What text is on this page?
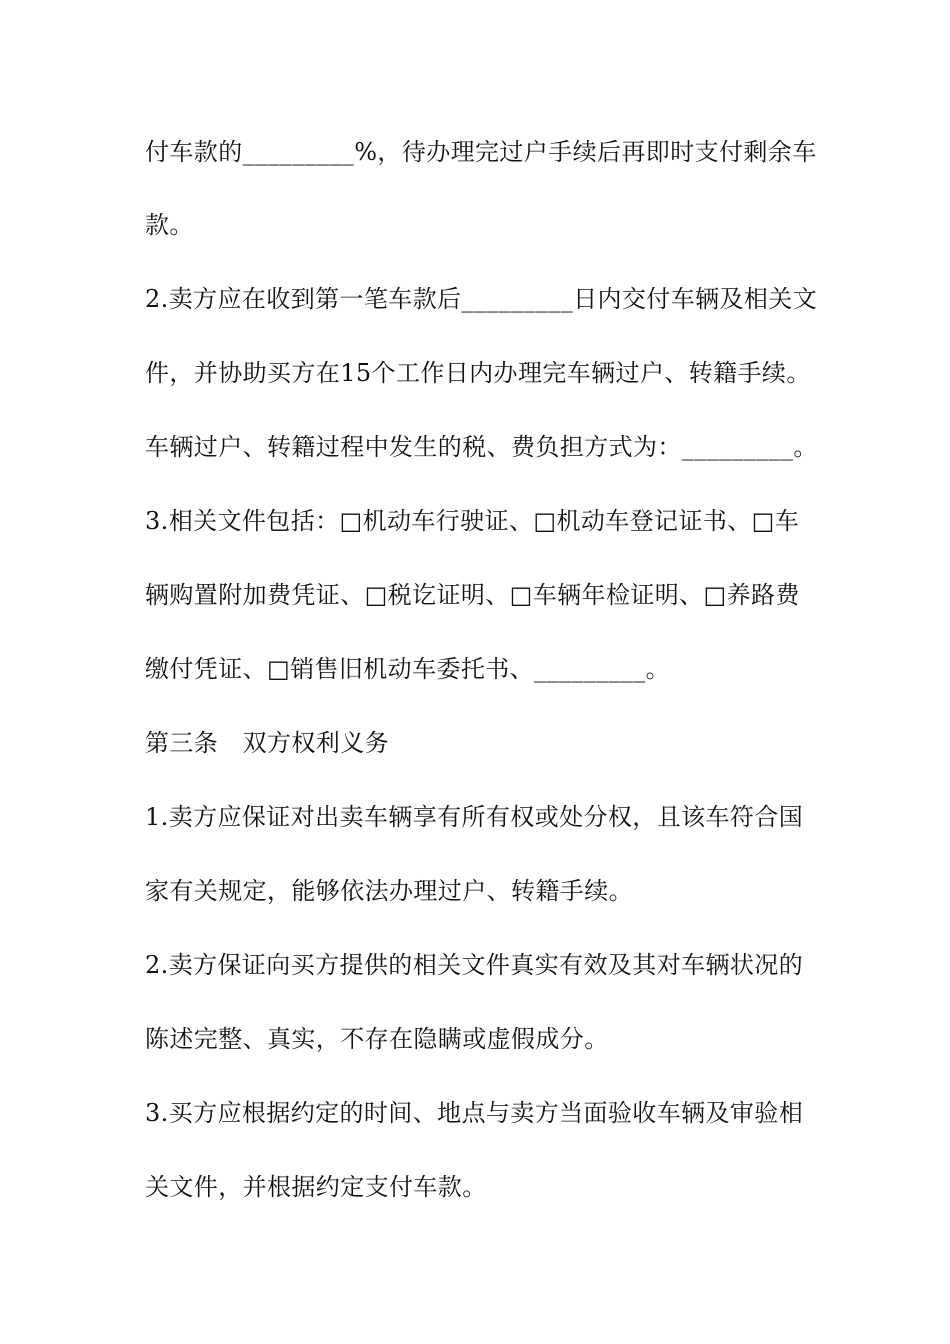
付车款的_________%，待办理完过户手续后再即时支付剩余车
款。
2.卖方应在收到第一笔车款后_________日内交付车辆及相关文
件，并协助买方在15个工作日内办理完车辆过户、转籍手续。
车辆过户、转籍过程中发生的税、费负担方式为：_________。
3.相关文件包括：□机动车行驶证、□机动车登记证书、□车
辆购置附加费凭证、□税讫证明、□车辆年检证明、□养路费
缴付凭证、□销售旧机动车委托书、_________。
第三条　双方权利义务
1.卖方应保证对出卖车辆享有所有权或处分权，且该车符合国
家有关规定，能够依法办理过户、转籍手续。
2.卖方保证向买方提供的相关文件真实有效及其对车辆状况的
陈述完整、真实，不存在隐瞒或虚假成分。
3.买方应根据约定的时间、地点与卖方当面验收车辆及审验相
关文件，并根据约定支付车款。
